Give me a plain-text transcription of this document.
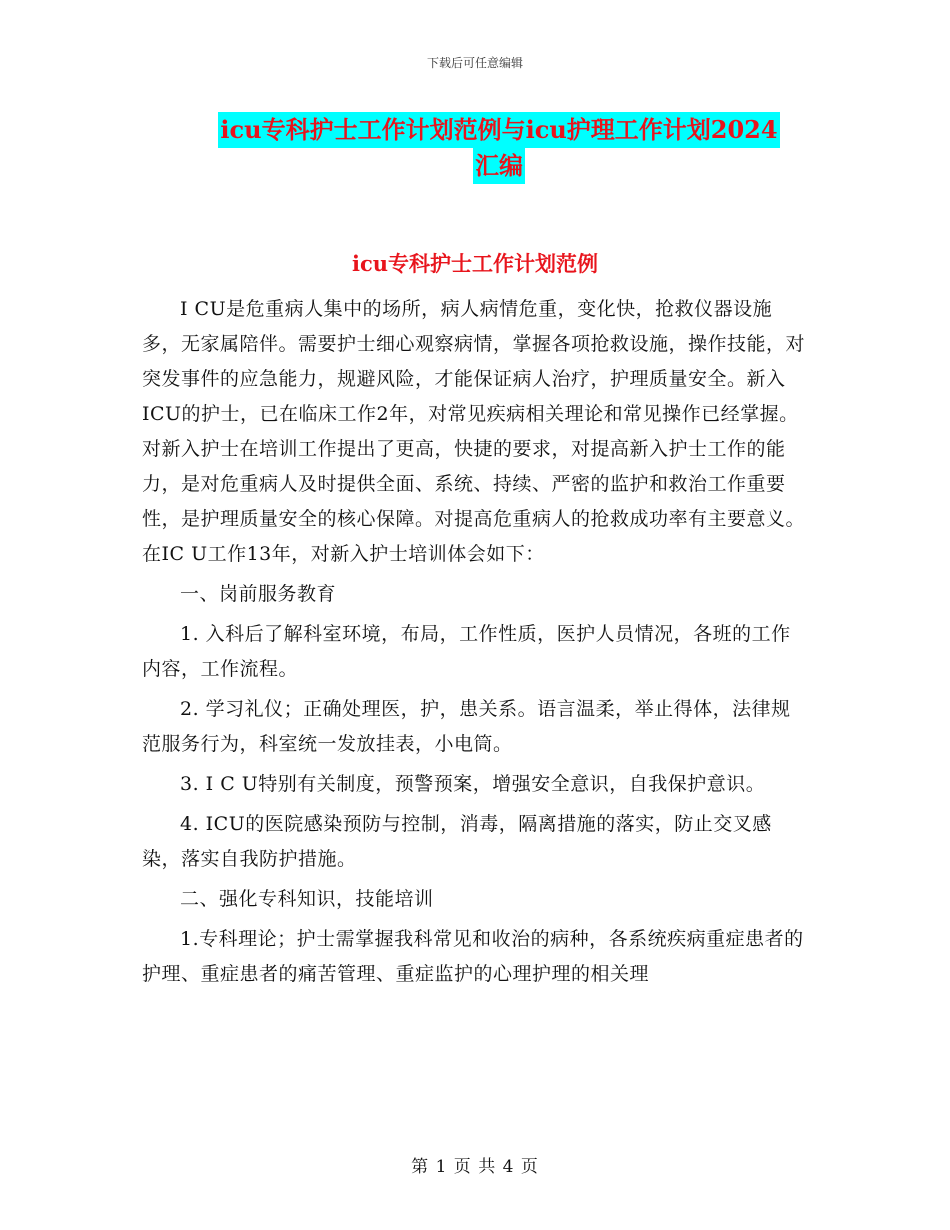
下载后可任意编辑
icu专科护士工作计划范例与icu护理工作计划2024
汇编
icu专科护士工作计划范例

I CU是危重病人集中的场所，病人病情危重，变化快，抢救仪器设施多，无家属陪伴。需要护士细心观察病情，掌握各项抢救设施，操作技能，对突发事件的应急能力，规避风险，才能保证病人治疗，护理质量安全。新入ICU的护士，已在临床工作2年，对常见疾病相关理论和常见操作已经掌握。对新入护士在培训工作提出了更高，快捷的要求，对提高新入护士工作的能力，是对危重病人及时提供全面、系统、持续、严密的监护和救治工作重要性，是护理质量安全的核心保障。对提高危重病人的抢救成功率有主要意义。在IC U工作13年，对新入护士培训体会如下：

一、岗前服务教育

1. 入科后了解科室环境，布局，工作性质，医护人员情况，各班的工作内容，工作流程。

2. 学习礼仪；正确处理医，护，患关系。语言温柔，举止得体，法律规范服务行为，科室统一发放挂表，小电筒。

3. I C U特别有关制度，预警预案，增强安全意识，自我保护意识。

4. ICU的医院感染预防与控制，消毒，隔离措施的落实，防止交叉感染，落实自我防护措施。

二、强化专科知识，技能培训

1.专科理论；护士需掌握我科常见和收治的病种，各系统疾病重症患者的护理、重症患者的痛苦管理、重症监护的心理护理的相关理

第 1 页 共 4 页
